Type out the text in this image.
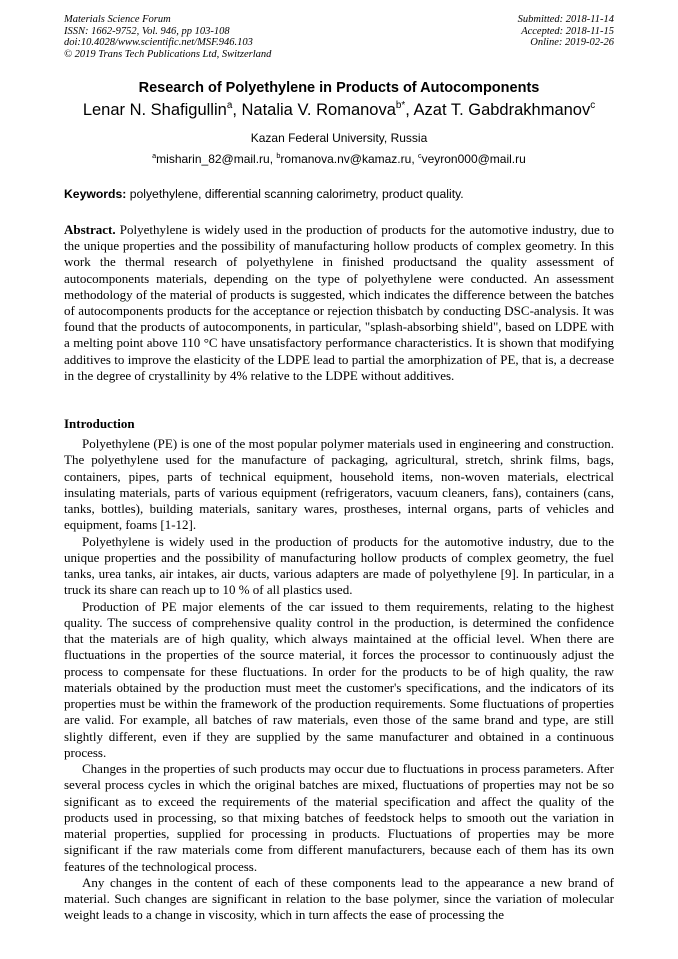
Materials Science Forum
ISSN: 1662-9752, Vol. 946, pp 103-108
doi:10.4028/www.scientific.net/MSF.946.103
© 2019 Trans Tech Publications Ltd, Switzerland
Submitted: 2018-11-14
Accepted: 2018-11-15
Online: 2019-02-26
Research of Polyethylene in Products of Autocomponents
Lenar N. Shafigullin$^a$, Natalia V. Romanova$^{b*}$, Azat T. Gabdrakhmanov$^c$
Kazan Federal University, Russia
$^a$misharin_82@mail.ru, $^b$romanova.nv@kamaz.ru, $^c$veyron000@mail.ru
Keywords: polyethylene, differential scanning calorimetry, product quality.
Abstract. Polyethylene is widely used in the production of products for the automotive industry, due to the unique properties and the possibility of manufacturing hollow products of complex geometry. In this work the thermal research of polyethylene in finished productsand the quality assessment of autocomponents materials, depending on the type of polyethylene were conducted. An assessment methodology of the material of products is suggested, which indicates the difference between the batches of autocomponents products for the acceptance or rejection thisbatch by conducting DSC-analysis. It was found that the products of autocomponents, in particular, "splash-absorbing shield", based on LDPE with a melting point above 110 °C have unsatisfactory performance characteristics. It is shown that modifying additives to improve the elasticity of the LDPE lead to partial the amorphization of PE, that is, a decrease in the degree of crystallinity by 4% relative to the LDPE without additives.
Introduction

Polyethylene (PE) is one of the most popular polymer materials used in engineering and construction. The polyethylene used for the manufacture of packaging, agricultural, stretch, shrink films, bags, containers, pipes, parts of technical equipment, household items, non-woven materials, electrical insulating materials, parts of various equipment (refrigerators, vacuum cleaners, fans), containers (cans, tanks, bottles), building materials, sanitary wares, prostheses, internal organs, parts of vehicles and equipment, foams [1-12].

Polyethylene is widely used in the production of products for the automotive industry, due to the unique properties and the possibility of manufacturing hollow products of complex geometry, the fuel tanks, urea tanks, air intakes, air ducts, various adapters are made of polyethylene [9]. In particular, in a truck its share can reach up to 10 % of all plastics used.

Production of PE major elements of the car issued to them requirements, relating to the highest quality. The success of comprehensive quality control in the production, is determined the confidence that the materials are of high quality, which always maintained at the official level. When there are fluctuations in the properties of the source material, it forces the processor to continuously adjust the process to compensate for these fluctuations. In order for the products to be of high quality, the raw materials obtained by the production must meet the customer's specifications, and the indicators of its properties must be within the framework of the production requirements. Some fluctuations of properties are valid. For example, all batches of raw materials, even those of the same brand and type, are still slightly different, even if they are supplied by the same manufacturer and obtained in a continuous process.

Changes in the properties of such products may occur due to fluctuations in process parameters. After several process cycles in which the original batches are mixed, fluctuations of properties may not be so significant as to exceed the requirements of the material specification and affect the quality of the products used in processing, so that mixing batches of feedstock helps to smooth out the variation in material properties, supplied for processing in products. Fluctuations of properties may be more significant if the raw materials come from different manufacturers, because each of them has its own features of the technological process.

Any changes in the content of each of these components lead to the appearance a new brand of material. Such changes are significant in relation to the base polymer, since the variation of molecular weight leads to a change in viscosity, which in turn affects the ease of processing the
